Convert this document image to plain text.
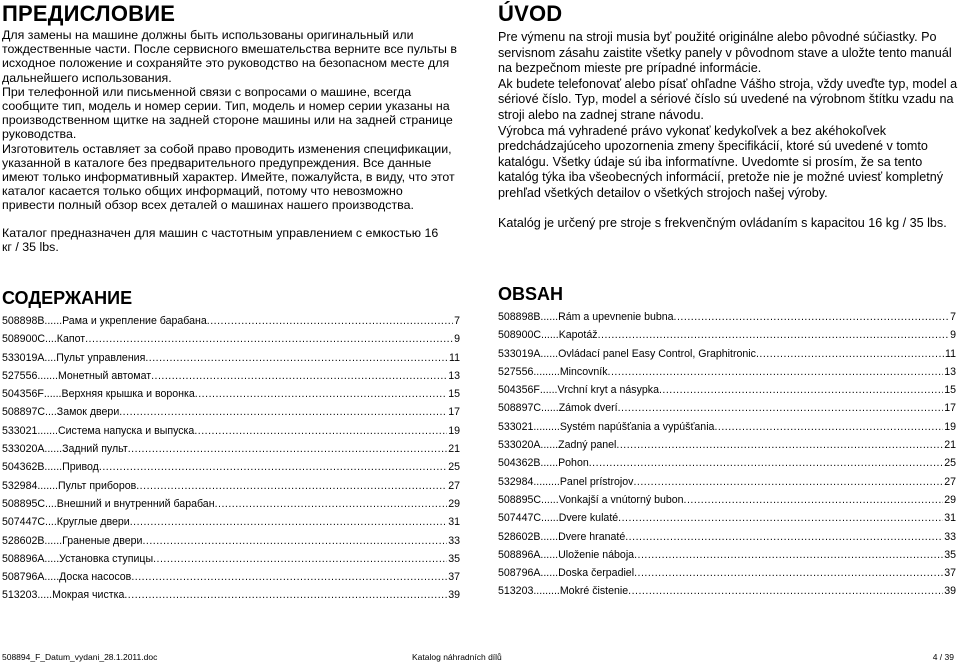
ПРЕДИСЛОВИЕ

Для замены на машине должны быть использованы оригинальный или тождественные части. После сервисного вмешательства верните все пульты в исходное положение и сохраняйте это руководство на безопасном месте для дальнейшего использования.

При телефонной или письменной связи с вопросами о машине, всегда сообщите тип, модель и номер серии. Тип, модель и номер серии указаны на производственном щитке на задней стороне машины или на задней странице руководства.

Изготовитель оставляет за собой право проводить изменения спецификации, указанной в каталоге без предварительного предупреждения. Все данные имеют только информативный характер. Имейте, пожалуйста, в виду, что этот каталог касается только общих информаций, потому что невозможно привести полный обзор всех деталей о машинах нашего производства.

Каталог предназначен для машин с частотным управлением с емкостью 16 кг / 35 lbs.

ÚVOD

Pre výmenu na stroji musia byť použité originálne alebo pôvodné súčiastky. Po servisnom zásahu zaistite všetky panely v pôvodnom stave a uložte tento manuál na bezpečnom mieste pre prípadné informácie.

Ak budete telefonovať alebo písať ohľadne Vášho stroja, vždy uveďte typ, model a sériové číslo. Typ, model a sériové číslo sú uvedené na výrobnom štítku vzadu na stroji alebo na zadnej strane návodu.

Výrobca má vyhradené právo vykonať kedykoľvek a bez akéhokoľvek predchádzajúceho upozornenia zmeny špecifikácií, ktoré sú uvedené v tomto katalógu. Všetky údaje sú iba informatívne. Uvedomte si prosím, že sa tento katalóg týka iba všeobecných informácií, pretože nie je možné uviesť kompletný prehľad všetkých detailov o všetkých strojoch našej výroby.

Katalóg je určený pre stroje s frekvenčným ovládaním s kapacitou 16 kg / 35 lbs.

СОДЕРЖАНИЕ
508898B ...... Рама и укрепление барабана .....	7
508900C .... Капот .....	9
533019A .... Пульт управления .....	11
527556 ....... Монетный автомат .....	13
504356F ...... Верхняя крышка и воронка .....	15
508897C .... Замок двери .....	17
533021 ....... Система напуска и выпуска .....	19
533020A ...... Задний пульт .....	21
504362B ...... Привод .....	25
532984 ....... Пульт приборов .....	27
508895C .... Внешний и внутренний барабан .....	29
507447C .... Круглые двери .....	31
528602B ...... Граненые двери .....	33
508896A ..... Установка ступицы .....	35
508796A ..... Доска насосов .....	37
513203 ..... Мокрая чистка .....	39
OBSAH
508898B ...... Rám a upevnenie bubna .....	7
508900C ...... Kapotáž .....	9
533019A ...... Ovládací panel Easy Control, Graphitronic .....	11
527556 ......... Mincovník .....	13
504356F ...... Vrchní kryt a násypka .....	15
508897C ...... Zámok dverí .....	17
533021 ......... Systém napúšťania a vypúšťania .....	19
533020A ...... Zadný panel .....	21
504362B ...... Pohon .....	25
532984 ......... Panel prístrojov .....	27
508895C ...... Vonkajší a vnútorný bubon .....	29
507447C ...... Dvere kulaté .....	31
528602B ...... Dvere hranaté .....	33
508896A ...... Uloženie nábojа .....	35
508796A ...... Doska čerpadiel .....	37
513203 ......... Mokré čistenie .....	39
508894_F_Datum_vydani_28.1.2011.doc	Katalog náhradních dílů	4 / 39
